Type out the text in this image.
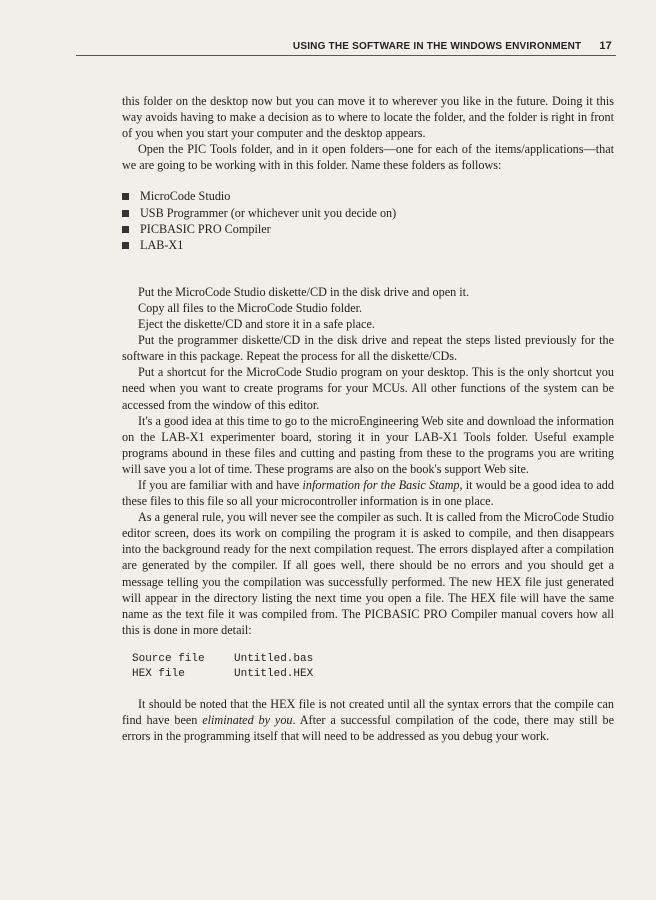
USING THE SOFTWARE IN THE WINDOWS ENVIRONMENT 17

this folder on the desktop now but you can move it to wherever you like in the future. Doing it this way avoids having to make a decision as to where to locate the folder, and the folder is right in front of you when you start your computer and the desktop appears.

Open the PIC Tools folder, and in it open folders—one for each of the items/applications—that we are going to be working with in this folder. Name these folders as follows:

MicroCode Studio
USB Programmer (or whichever unit you decide on)
PICBASIC PRO Compiler
LAB-X1

Put the MicroCode Studio diskette/CD in the disk drive and open it.

Copy all files to the MicroCode Studio folder.

Eject the diskette/CD and store it in a safe place.

Put the programmer diskette/CD in the disk drive and repeat the steps listed previously for the software in this package. Repeat the process for all the diskette/CDs.

Put a shortcut for the MicroCode Studio program on your desktop. This is the only shortcut you need when you want to create programs for your MCUs. All other functions of the system can be accessed from the window of this editor.

It's a good idea at this time to go to the microEngineering Web site and download the information on the LAB-X1 experimenter board, storing it in your LAB-X1 Tools folder. Useful example programs abound in these files and cutting and pasting from these to the programs you are writing will save you a lot of time. These programs are also on the book's support Web site.

If you are familiar with and have information for the Basic Stamp, it would be a good idea to add these files to this file so all your microcontroller information is in one place.

As a general rule, you will never see the compiler as such. It is called from the MicroCode Studio editor screen, does its work on compiling the program it is asked to compile, and then disappears into the background ready for the next compilation request. The errors displayed after a compilation are generated by the compiler. If all goes well, there should be no errors and you should get a message telling you the compilation was successfully performed. The new HEX file just generated will appear in the directory listing the next time you open a file. The HEX file will have the same name as the text file it was compiled from. The PICBASIC PRO Compiler manual covers how all this is done in more detail:

Source file	Untitled.bas
HEX file	Untitled.HEX

It should be noted that the HEX file is not created until all the syntax errors that the compile can find have been eliminated by you. After a successful compilation of the code, there may still be errors in the programming itself that will need to be addressed as you debug your work.
